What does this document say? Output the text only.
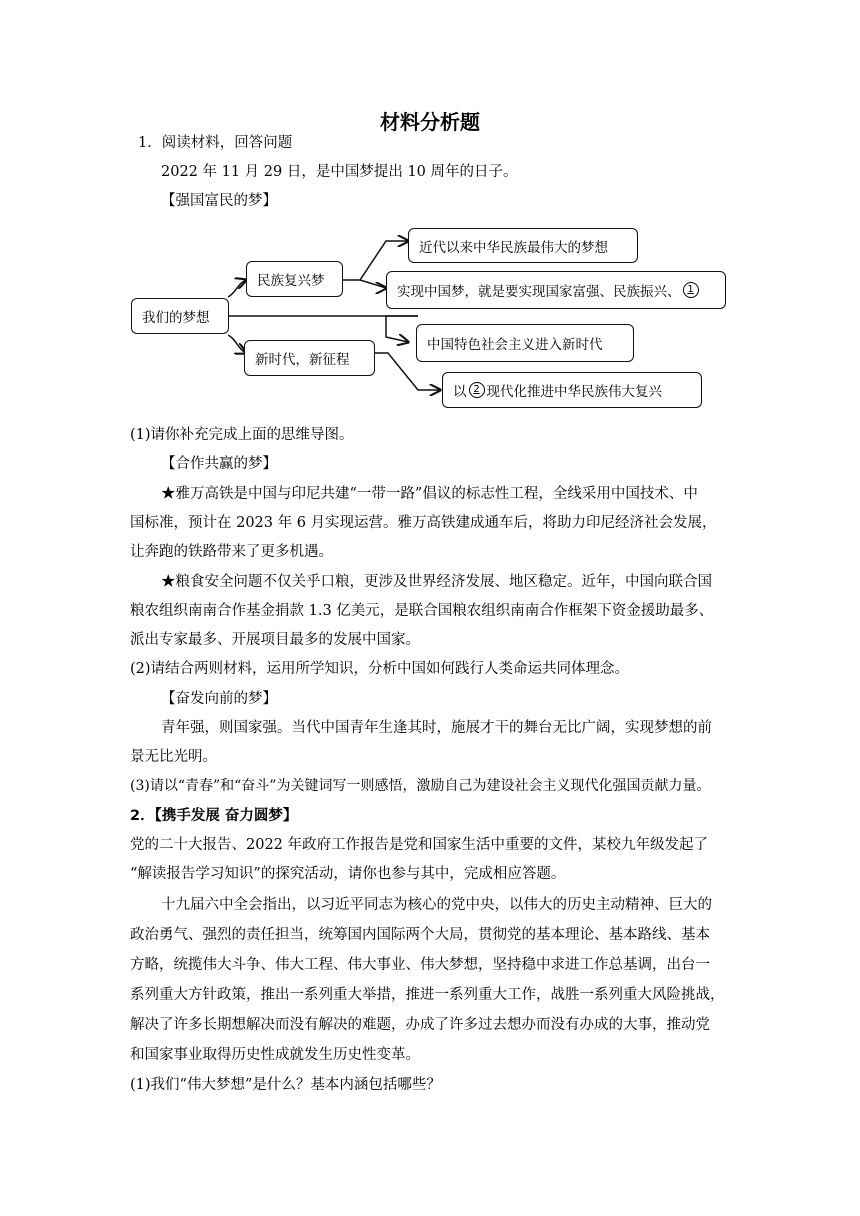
材料分析题
1．阅读材料，回答问题
2022 年 11 月 29 日，是中国梦提出 10 周年的日子。
【强国富民的梦】
我们的梦想
民族复兴梦
新时代，新征程
近代以来中华民族最伟大的梦想
实现中国梦，就是要实现国家富强、民族振兴、 1
中国特色社会主义进入新时代
以 2 现代化推进中华民族伟大复兴
(1)请你补充完成上面的思维导图。
【合作共赢的梦】
★雅万高铁是中国与印尼共建“一带一路”倡议的标志性工程，全线采用中国技术、中
国标准，预计在 2023 年 6 月实现运营。雅万高铁建成通车后，将助力印尼经济社会发展，
让奔跑的铁路带来了更多机遇。
★粮食安全问题不仅关乎口粮，更涉及世界经济发展、地区稳定。近年，中国向联合国
粮农组织南南合作基金捐款 1.3 亿美元，是联合国粮农组织南南合作框架下资金援助最多、
派出专家最多、开展项目最多的发展中国家。
(2)请结合两则材料，运用所学知识，分析中国如何践行人类命运共同体理念。
【奋发向前的梦】
青年强，则国家强。当代中国青年生逢其时，施展才干的舞台无比广阔，实现梦想的前
景无比光明。
(3)请以“青春”和“奋斗”为关键词写一则感悟，激励自己为建设社会主义现代化强国贡献力量。
2．【携手发展 奋力圆梦】
党的二十大报告、2022 年政府工作报告是党和国家生活中重要的文件，某校九年级发起了
“解读报告学习知识”的探究活动，请你也参与其中，完成相应答题。
十九届六中全会指出，以习近平同志为核心的党中央，以伟大的历史主动精神、巨大的
政治勇气、强烈的责任担当，统筹国内国际两个大局，贯彻党的基本理论、基本路线、基本
方略，统揽伟大斗争、伟大工程、伟大事业、伟大梦想，坚持稳中求进工作总基调，出台一
系列重大方针政策，推出一系列重大举措，推进一系列重大工作，战胜一系列重大风险挑战，
解决了许多长期想解决而没有解决的难题，办成了许多过去想办而没有办成的大事，推动党
和国家事业取得历史性成就发生历史性变革。
(1)我们“伟大梦想”是什么？基本内涵包括哪些？
